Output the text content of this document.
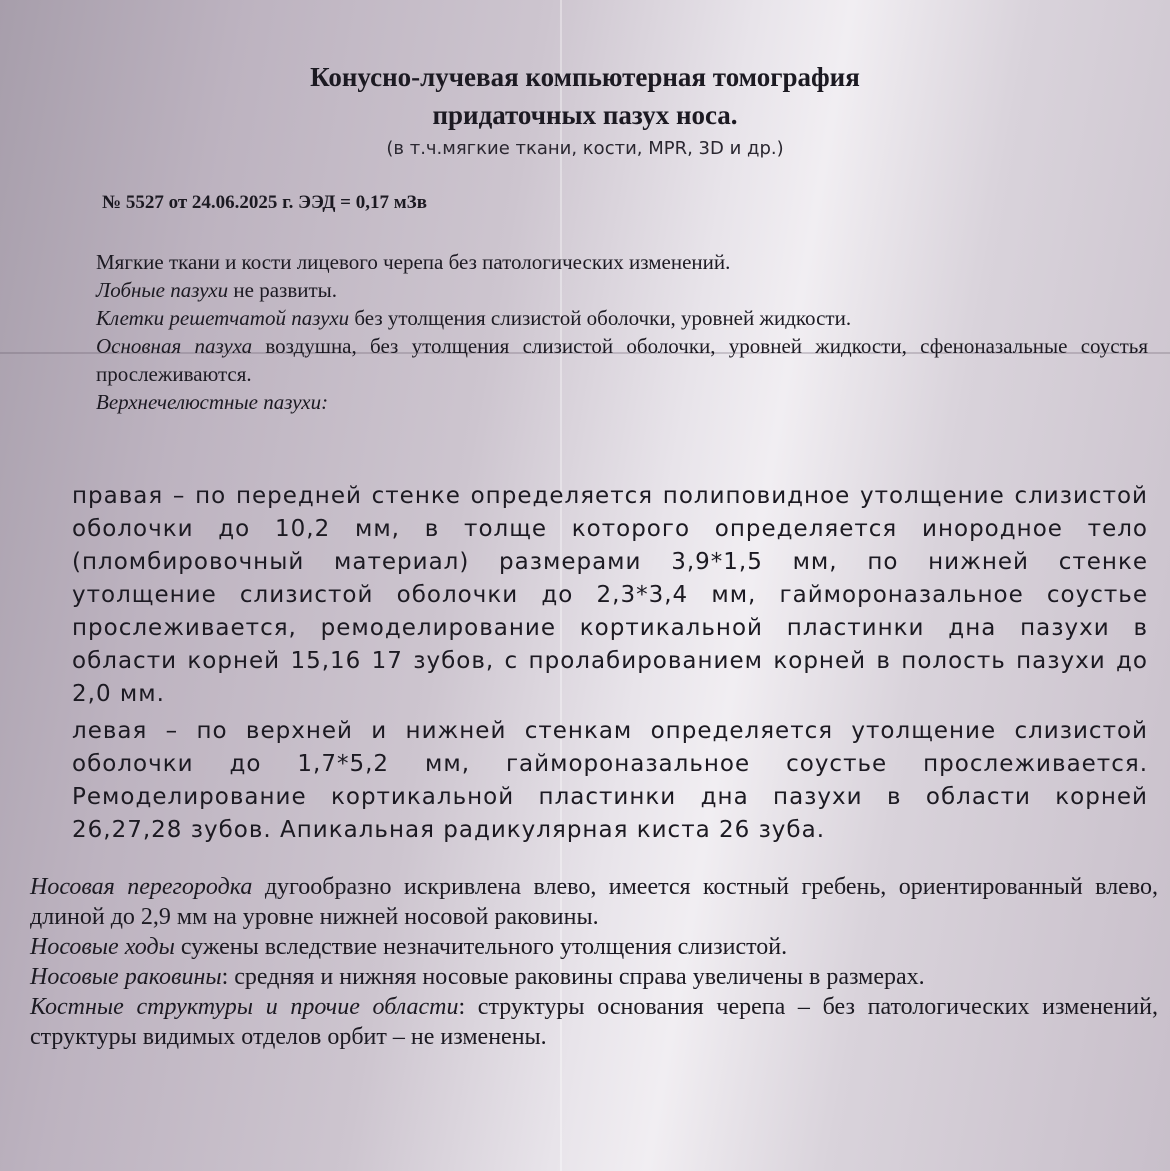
Конусно-лучевая компьютерная томография
придаточных пазух носа.
(в т.ч.мягкие ткани, кости, MPR, 3D и др.)
№ 5527 от 24.06.2025 г. ЭЭД = 0,17 мЗв

Мягкие ткани и кости лицевого черепа без патологических изменений.

Лобные пазухи не развиты.

Клетки решетчатой пазухи без утолщения слизистой оболочки, уровней жидкости.

Основная пазуха воздушна, без утолщения слизистой оболочки, уровней жидкости, сфеноназальные соустья прослеживаются.

Верхнечелюстные пазухи:

правая – по передней стенке определяется полиповидное утолщение слизистой оболочки до 10,2 мм, в толще которого определяется инородное тело (пломбировочный материал) размерами 3,9*1,5 мм, по нижней стенке утолщение слизистой оболочки до 2,3*3,4 мм, гаймороназальное соустье прослеживается, ремоделирование кортикальной пластинки дна пазухи в области корней 15,16 17 зубов, с пролабированием корней в полость пазухи до 2,0 мм.

левая – по верхней и нижней стенкам определяется утолщение слизистой оболочки до 1,7*5,2 мм, гаймороназальное соустье прослеживается. Ремоделирование кортикальной пластинки дна пазухи в области корней 26,27,28 зубов. Апикальная радикулярная киста 26 зуба.

Носовая перегородка дугообразно искривлена влево, имеется костный гребень, ориентированный влево, длиной до 2,9 мм на уровне нижней носовой раковины.

Носовые ходы сужены вследствие незначительного утолщения слизистой.

Носовые раковины: средняя и нижняя носовые раковины справа увеличены в размерах.

Костные структуры и прочие области: структуры основания черепа – без патологических изменений, структуры видимых отделов орбит – не изменены.
